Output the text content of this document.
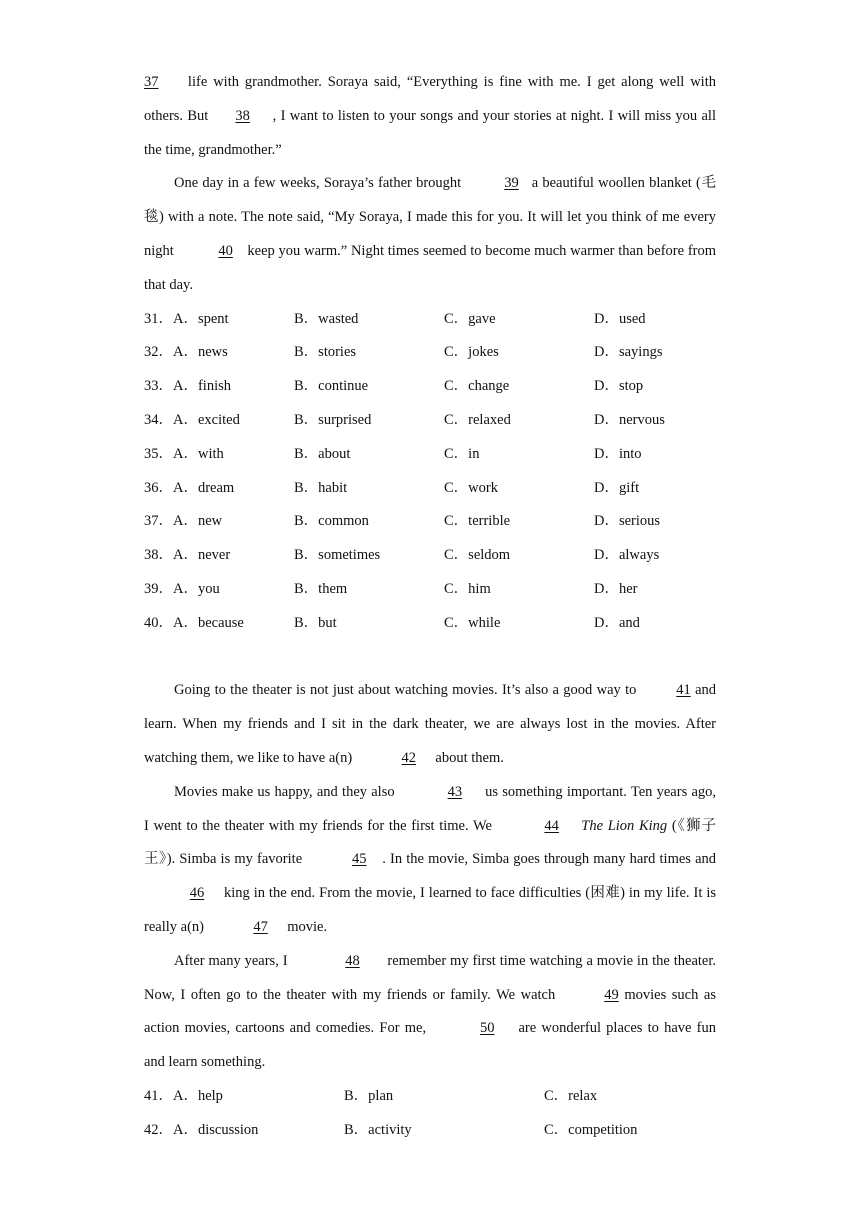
37 life with grandmother. Soraya said, “Everything is fine with me. I get along well with others. But 38 , I want to listen to your songs and your stories at night. I will miss you all the time, grandmother.”

One day in a few weeks, Soraya’s father brought	39 a beautiful woollen blanket (毛毯) with a note. The note said, “My Soraya, I made this for you. It will let you think of me every night	40 keep you warm.” Night times seemed to become much warmer than before from that day.

31．A．spent	B．wasted	C．gave	D．used
32．A．news	B．stories	C．jokes	D．sayings
33．A．finish	B．continue	C．change	D．stop
34．A．excited	B．surprised	C．relaxed	D．nervous
35．A．with	B．about	C．in	D．into
36．A．dream	B．habit	C．work	D．gift
37．A．new	B．common	C．terrible	D．serious
38．A．never	B．sometimes	C．seldom	D．always
39．A．you	B．them	C．him	D．her
40．A．because	B．but	C．while	D．and

Going to the theater is not just about watching movies. It’s also a good way to 41 and learn. When my friends and I sit in the dark theater, we are always lost in the movies. After watching them, we like to have a(n)	42 about them.

Movies make us happy, and they also	43 us something important. Ten years ago, I went to the theater with my friends for the first time. We	44 The Lion King (《狮子王》). Simba is my favorite	45 . In the movie, Simba goes through many hard times and 46 king in the end. From the movie, I learned to face difficulties (困难) in my life. It is really a(n)	47 movie.

After many years, I	48 remember my first time watching a movie in the theater. Now, I often go to the theater with my friends or family. We watch	49 movies such as action movies, cartoons and comedies. For me,	50 are wonderful places to have fun and learn something.

41．A．help	B．plan	C．relax
42．A．discussion	B．activity	C．competition
